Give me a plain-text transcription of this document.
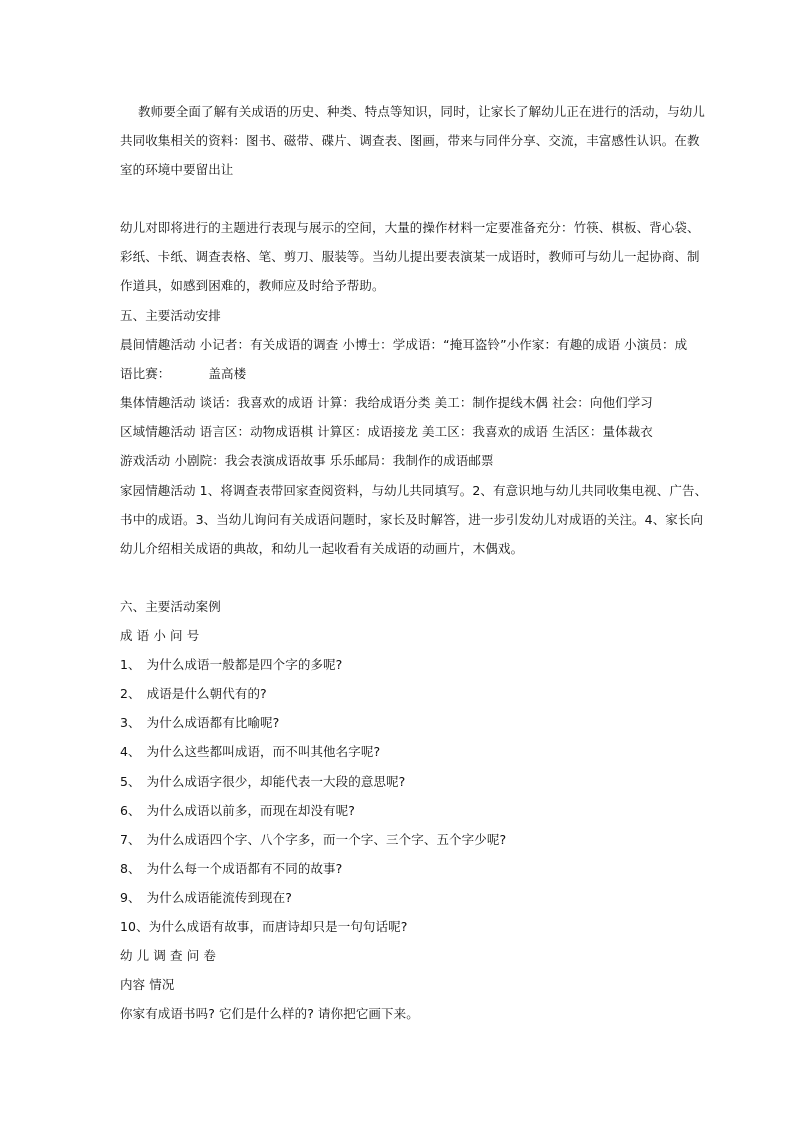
教师要全面了解有关成语的历史、种类、特点等知识，同时，让家长了解幼儿正在进行的活动，与幼儿
共同收集相关的资料：图书、磁带、碟片、调查表、图画，带来与同伴分享、交流，丰富感性认识。在教
室的环境中要留出让
幼儿对即将进行的主题进行表现与展示的空间，大量的操作材料一定要准备充分：竹筷、棋板、背心袋、
彩纸、卡纸、调查表格、笔、剪刀、服装等。当幼儿提出要表演某一成语时，教师可与幼儿一起协商、制
作道具，如感到困难的，教师应及时给予帮助。
五、主要活动安排
晨间情趣活动 小记者：有关成语的调查 小博士：学成语：“掩耳盗铃”小作家：有趣的成语 小演员：成
语比赛：	盖高楼
集体情趣活动 谈话：我喜欢的成语 计算：我给成语分类 美工：制作提线木偶 社会：向他们学习
区域情趣活动 语言区：动物成语棋 计算区：成语接龙 美工区：我喜欢的成语 生活区：量体裁衣
游戏活动 小剧院：我会表演成语故事 乐乐邮局：我制作的成语邮票
家园情趣活动 1、将调查表带回家查阅资料，与幼儿共同填写。2、有意识地与幼儿共同收集电视、广告、
书中的成语。3、当幼儿询问有关成语问题时，家长及时解答，进一步引发幼儿对成语的关注。4、家长向
幼儿介绍相关成语的典故，和幼儿一起收看有关成语的动画片，木偶戏。
六、主要活动案例
成 语 小 问 号
1、 为什么成语一般都是四个字的多呢?
2、 成语是什么朝代有的?
3、 为什么成语都有比喻呢?
4、 为什么这些都叫成语，而不叫其他名字呢?
5、 为什么成语字很少，却能代表一大段的意思呢?
6、 为什么成语以前多，而现在却没有呢?
7、 为什么成语四个字、八个字多，而一个字、三个字、五个字少呢?
8、 为什么每一个成语都有不同的故事?
9、 为什么成语能流传到现在?
10、为什么成语有故事，而唐诗却只是一句句话呢?
幼 儿 调 查 问 卷
内容 情况
你家有成语书吗? 它们是什么样的? 请你把它画下来。
